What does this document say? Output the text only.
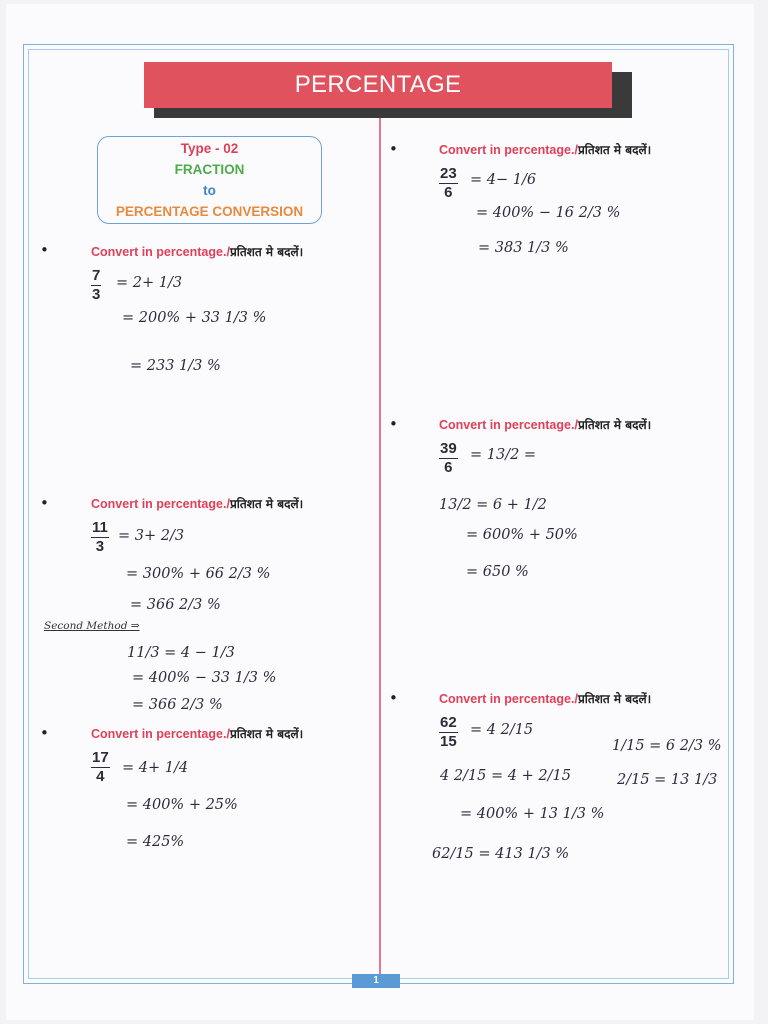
PERCENTAGE
Type - 02
FRACTION
to
PERCENTAGE CONVERSION
•	Convert in percentage./प्रतिशत मे बदलें।
$\frac{7}{3} = 2+ 1/3$
= 200% + 33 1/3 %
= 233 1/3 %
•	Convert in percentage./प्रतिशत मे बदलें।
$\frac{11}{3} = 3+ 2/3$
= 300% + 66 2/3 %
= 366 2/3 %
Second Method ⇒
11/3 = 4 − 1/3
= 400% − 33 1/3 %
= 366 2/3 %
•	Convert in percentage./प्रतिशत मे बदलें।
$\frac{17}{4} = 4+ 1/4$
= 400% + 25%
= 425%
•	Convert in percentage./प्रतिशत मे बदलें।
$\frac{23}{6} = 4- 1/6$
= 400% − 16 2/3 %
= 383 1/3 %
•	Convert in percentage./प्रतिशत मे बदलें।
$\frac{39}{6} = 13/2$ =
13/2 = 6 + 1/2
= 600% + 50%
= 650 %
•	Convert in percentage./प्रतिशत मे बदलें।
$\frac{62}{15} = 4$ 2/15
1/15 = 6 2/3 %
2/15 = 13 1/3
4 2/15 = 4 + 2/15
= 400% + 13 1/3 %
62/15 = 413 1/3 %
1
